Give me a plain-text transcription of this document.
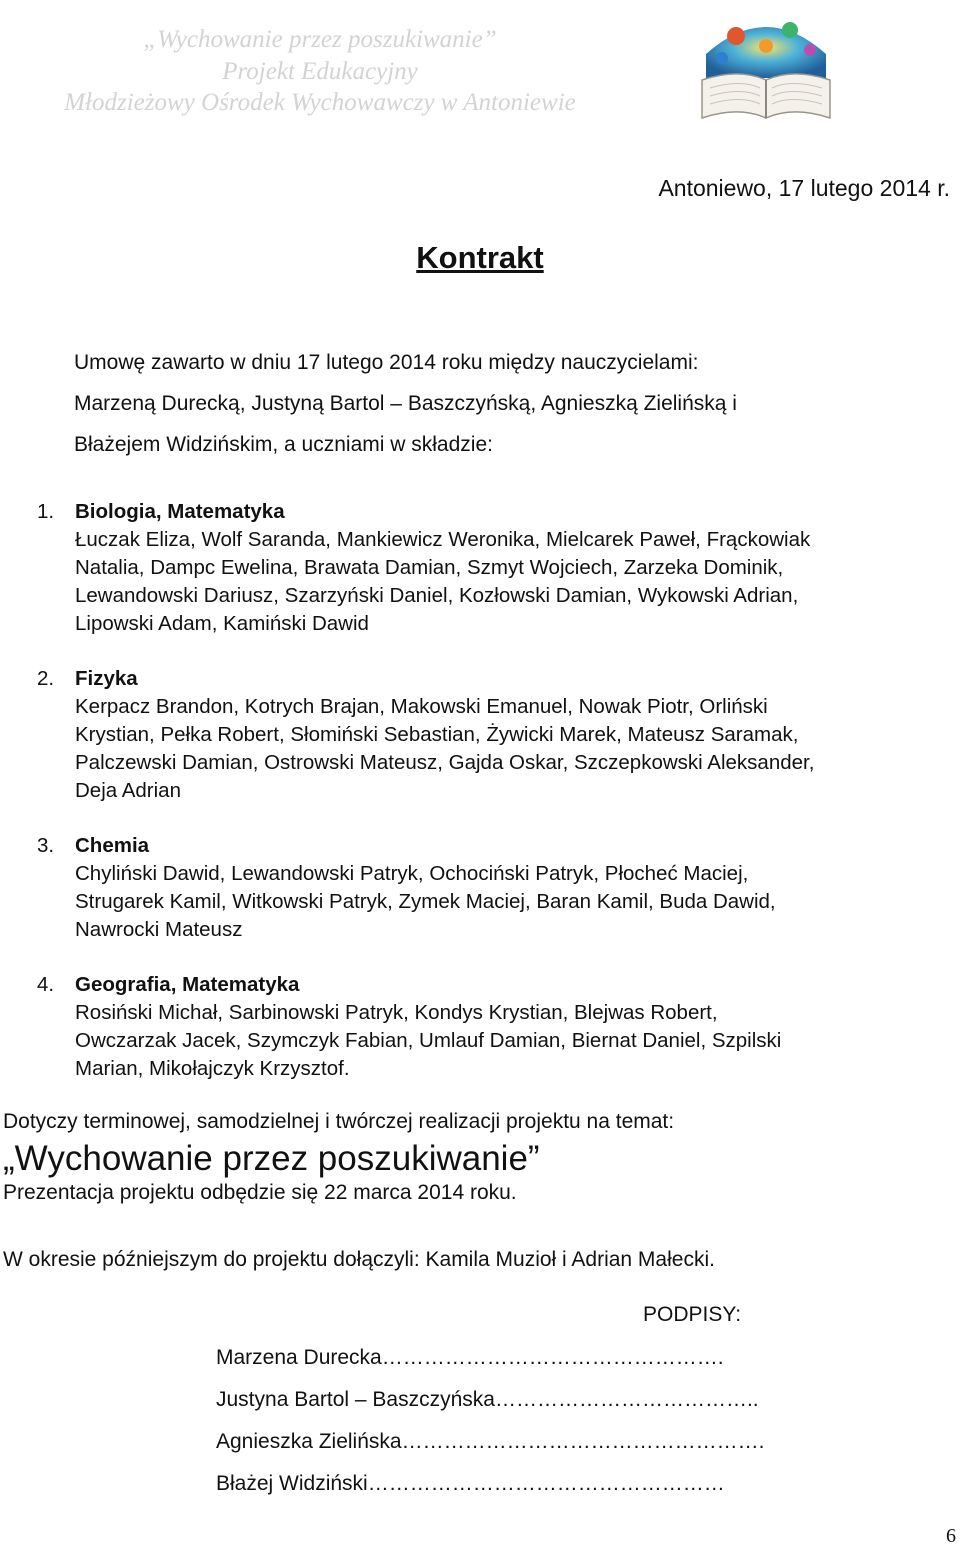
„Wychowanie przez poszukiwanie”
Projekt Edukacyjny
Młodzieżowy Ośrodek Wychowawczy w Antoniewie
Antoniewo, 17 lutego 2014 r.
Kontrakt
Umowę zawarto w dniu 17 lutego 2014 roku między nauczycielami:
Marzeną Durecką, Justyną Bartol – Baszczyńską, Agnieszką Zielińską i
Błażejem Widzińskim, a uczniami w składzie:
1. Biologia, Matematyka
Łuczak Eliza, Wolf Saranda, Mankiewicz Weronika, Mielcarek Paweł, Frąckowiak
Natalia, Dampc Ewelina, Brawata Damian, Szmyt Wojciech, Zarzeka Dominik,
Lewandowski Dariusz, Szarzyński Daniel, Kozłowski Damian, Wykowski Adrian,
Lipowski Adam, Kamiński Dawid
2. Fizyka
Kerpacz Brandon, Kotrych Brajan, Makowski Emanuel, Nowak Piotr, Orliński
Krystian, Pełka Robert, Słomiński Sebastian, Żywicki Marek, Mateusz Saramak,
Palczewski Damian, Ostrowski Mateusz, Gajda Oskar, Szczepkowski Aleksander,
Deja Adrian
3. Chemia
Chyliński Dawid, Lewandowski Patryk, Ochociński Patryk, Płocheć Maciej,
Strugarek Kamil, Witkowski Patryk, Zymek Maciej, Baran Kamil, Buda Dawid,
Nawrocki Mateusz
4. Geografia, Matematyka
Rosiński Michał, Sarbinowski Patryk, Kondys Krystian, Blejwas Robert,
Owczarzak Jacek, Szymczyk Fabian, Umlauf Damian, Biernat Daniel, Szpilski
Marian, Mikołajczyk Krzysztof.
Dotyczy terminowej, samodzielnej i twórczej realizacji projektu na temat:
„Wychowanie przez poszukiwanie”
Prezentacja projektu odbędzie się 22 marca 2014 roku.
W okresie późniejszym do projektu dołączyli: Kamila Muzioł i Adrian Małecki.
PODPISY:
Marzena Durecka………………………………………….
Justyna Bartol – Baszczyńska………………………………..
Agnieszka Zielińska…………………………………………….
Błażej Widziński……………………………………………
6
